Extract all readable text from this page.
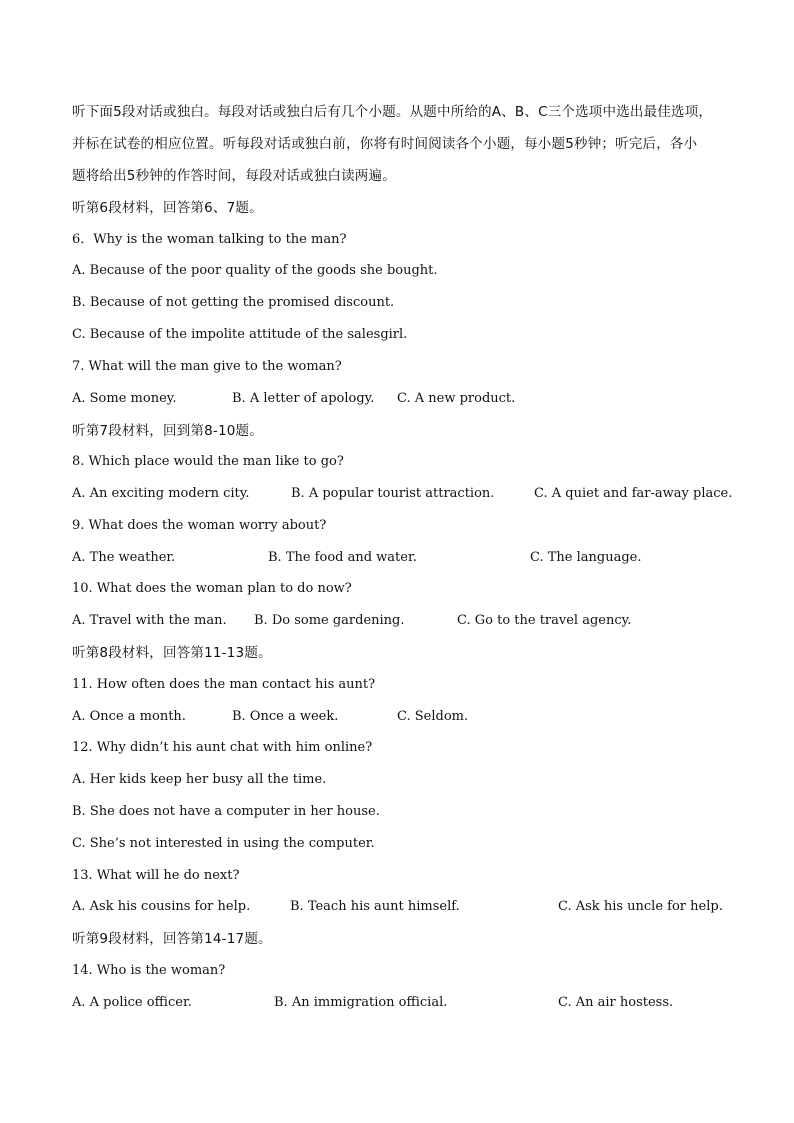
听下面5段对话或独白。每段对话或独白后有几个小题。从题中所给的A、B、C三个选项中选出最佳选项，
并标在试卷的相应位置。听每段对话或独白前，你将有时间阅读各个小题，每小题5秒钟；听完后，各小
题将给出5秒钟的作答时间，每段对话或独白读两遍。
听第6段材料，回答第6、7题。
6．Why is the woman talking to the man?
A. Because of the poor quality of the goods she bought.
B. Because of not getting the promised discount.
C. Because of the impolite attitude of the salesgirl.
7. What will the man give to the woman?
A. Some money.	B. A letter of apology. C. A new product.
听第7段材料，回到第8-10题。
8. Which place would the man like to go?
A. An exciting modern city.	B. A popular tourist attraction.	C. A quiet and far-away place.
9. What does the woman worry about?
A. The weather.	B. The food and water.	C. The language.
10. What does the woman plan to do now?
A. Travel with the man. B. Do some gardening.	C. Go to the travel agency.
听第8段材料，回答第11-13题。
11. How often does the man contact his aunt?
A. Once a month.	B. Once a week.	C. Seldom.
12. Why didn’t his aunt chat with him online?
A. Her kids keep her busy all the time.
B. She does not have a computer in her house.
C. She’s not interested in using the computer.
13. What will he do next?
A. Ask his cousins for help.	B. Teach his aunt himself.	C. Ask his uncle for help.
听第9段材料，回答第14-17题。
14. Who is the woman?
A. A police officer.	B. An immigration official.	C. An air hostess.
